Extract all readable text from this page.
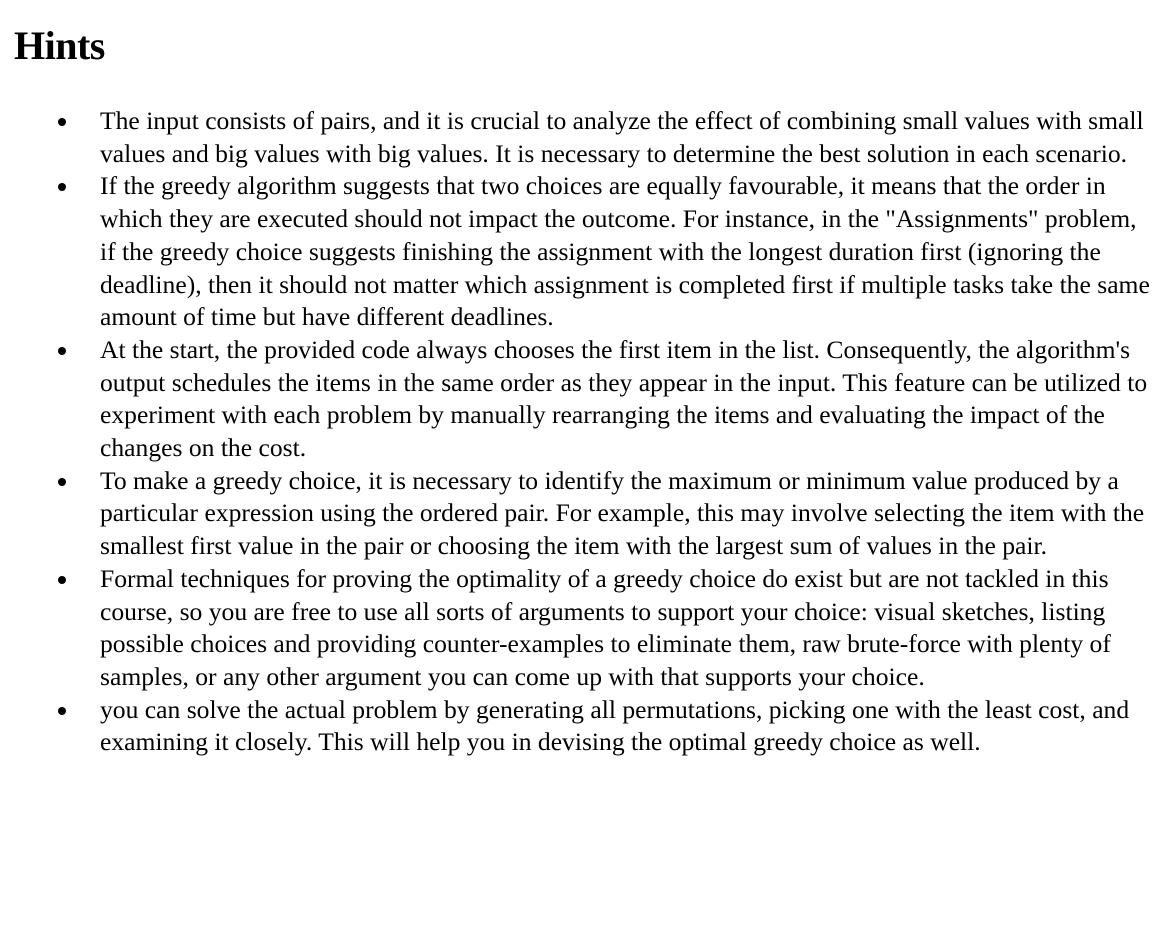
Hints
The input consists of pairs, and it is crucial to analyze the effect of combining small values with small values and big values with big values. It is necessary to determine the best solution in each scenario.
If the greedy algorithm suggests that two choices are equally favourable, it means that the order in which they are executed should not impact the outcome. For instance, in the "Assignments" problem, if the greedy choice suggests finishing the assignment with the longest duration first (ignoring the deadline), then it should not matter which assignment is completed first if multiple tasks take the same amount of time but have different deadlines.
At the start, the provided code always chooses the first item in the list. Consequently, the algorithm's output schedules the items in the same order as they appear in the input. This feature can be utilized to experiment with each problem by manually rearranging the items and evaluating the impact of the changes on the cost.
To make a greedy choice, it is necessary to identify the maximum or minimum value produced by a particular expression using the ordered pair. For example, this may involve selecting the item with the smallest first value in the pair or choosing the item with the largest sum of values in the pair.
Formal techniques for proving the optimality of a greedy choice do exist but are not tackled in this course, so you are free to use all sorts of arguments to support your choice: visual sketches, listing possible choices and providing counter-examples to eliminate them, raw brute-force with plenty of samples, or any other argument you can come up with that supports your choice.
you can solve the actual problem by generating all permutations, picking one with the least cost, and examining it closely. This will help you in devising the optimal greedy choice as well.
